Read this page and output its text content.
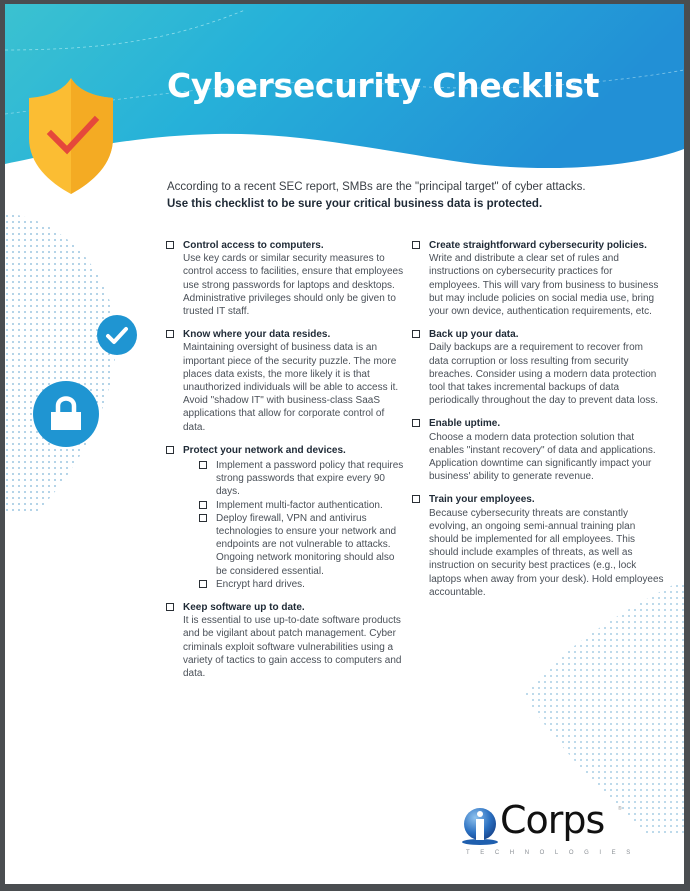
Cybersecurity Checklist
According to a recent SEC report, SMBs are the "principal target" of cyber attacks.
Use this checklist to be sure your critical business data is protected.
Control access to computers.
Use key cards or similar security measures to control access to facilities, ensure that employees use strong passwords for laptops and desktops. Administrative privileges should only be given to trusted IT staff.
Know where your data resides.
Maintaining oversight of business data is an important piece of the security puzzle. The more places data exists, the more likely it is that unauthorized individuals will be able to access it. Avoid "shadow IT" with business-class SaaS applications that allow for corporate control of data.
Protect your network and devices.
Implement a password policy that requires strong passwords that expire every 90 days.
Implement multi-factor authentication.
Deploy firewall, VPN and antivirus technologies to ensure your network and endpoints are not vulnerable to attacks. Ongoing network monitoring should also be considered essential.
Encrypt hard drives.
Keep software up to date.
It is essential to use up-to-date software products and be vigilant about patch management. Cyber criminals exploit software vulnerabilities using a variety of tactics to gain access to computers and data.
Create straightforward cybersecurity policies.
Write and distribute a clear set of rules and instructions on cybersecurity practices for employees. This will vary from business to business but may include policies on social media use, bring your own device, authentication requirements, etc.
Back up your data.
Daily backups are a requirement to recover from data corruption or loss resulting from security breaches. Consider using a modern data protection tool that takes incremental backups of data periodically throughout the day to prevent data loss.
Enable uptime.
Choose a modern data protection solution that enables "instant recovery" of data and applications. Application downtime can significantly impact your business' ability to generate revenue.
Train your employees.
Because cybersecurity threats are constantly evolving, an ongoing semi-annual training plan should be implemented for all employees. This should include examples of threats, as well as instruction on security best practices (e.g., lock laptops when away from your desk). Hold employees accountable.
Corps	®
TECHNOLOGIES
